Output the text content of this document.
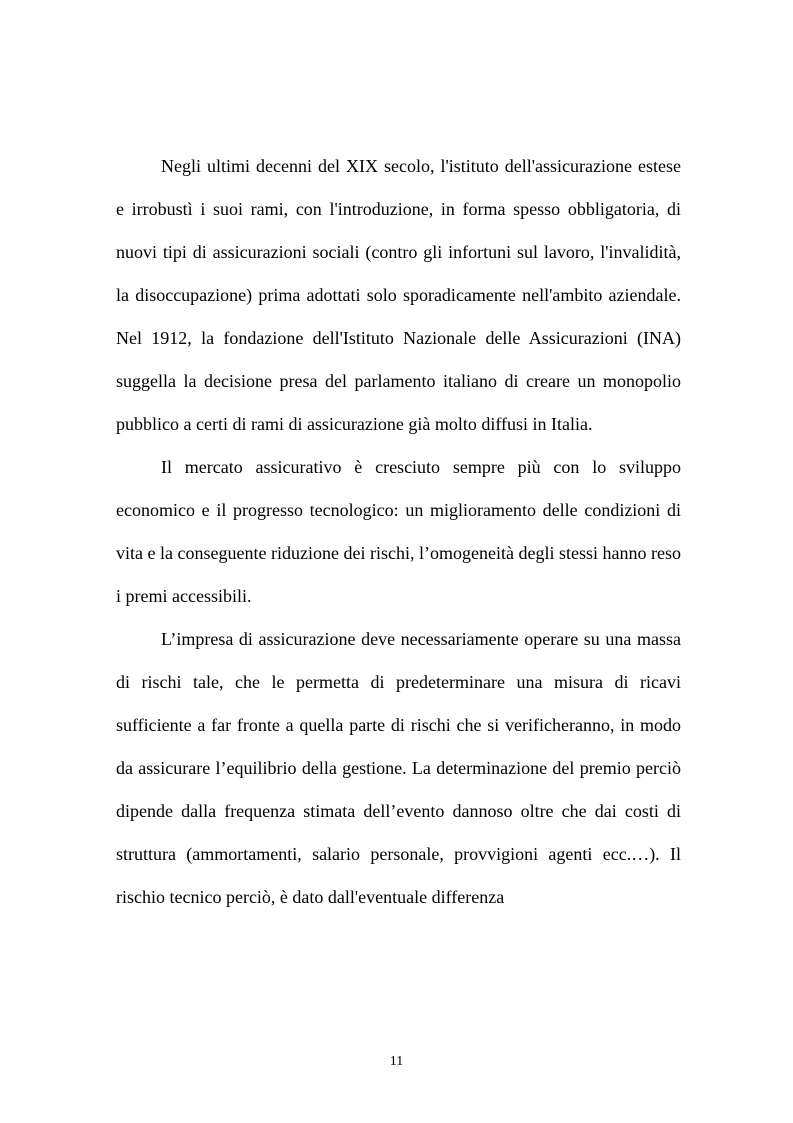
Negli ultimi decenni del XIX secolo, l'istituto dell'assicurazione estese e irrobustì i suoi rami, con l'introduzione, in forma spesso obbligatoria, di nuovi tipi di assicurazioni sociali (contro gli infortuni sul lavoro, l'invalidità, la disoccupazione) prima adottati solo sporadicamente nell'ambito aziendale. Nel 1912, la fondazione dell'Istituto Nazionale delle Assicurazioni (INA) suggella la decisione presa del parlamento italiano di creare un monopolio pubblico a certi di rami di assicurazione già molto diffusi in Italia.

Il mercato assicurativo è cresciuto sempre più con lo sviluppo economico e il progresso tecnologico: un miglioramento delle condizioni di vita e la conseguente riduzione dei rischi, l’omogeneità degli stessi hanno reso i premi accessibili.

L’impresa di assicurazione deve necessariamente operare su una massa di rischi tale, che le permetta di predeterminare una misura di ricavi sufficiente a far fronte a quella parte di rischi che si verificheranno, in modo da assicurare l’equilibrio della gestione. La determinazione del premio perciò dipende dalla frequenza stimata dell’evento dannoso oltre che dai costi di struttura (ammortamenti, salario personale, provvigioni agenti ecc.…). Il rischio tecnico perciò, è dato dall'eventuale differenza

11
